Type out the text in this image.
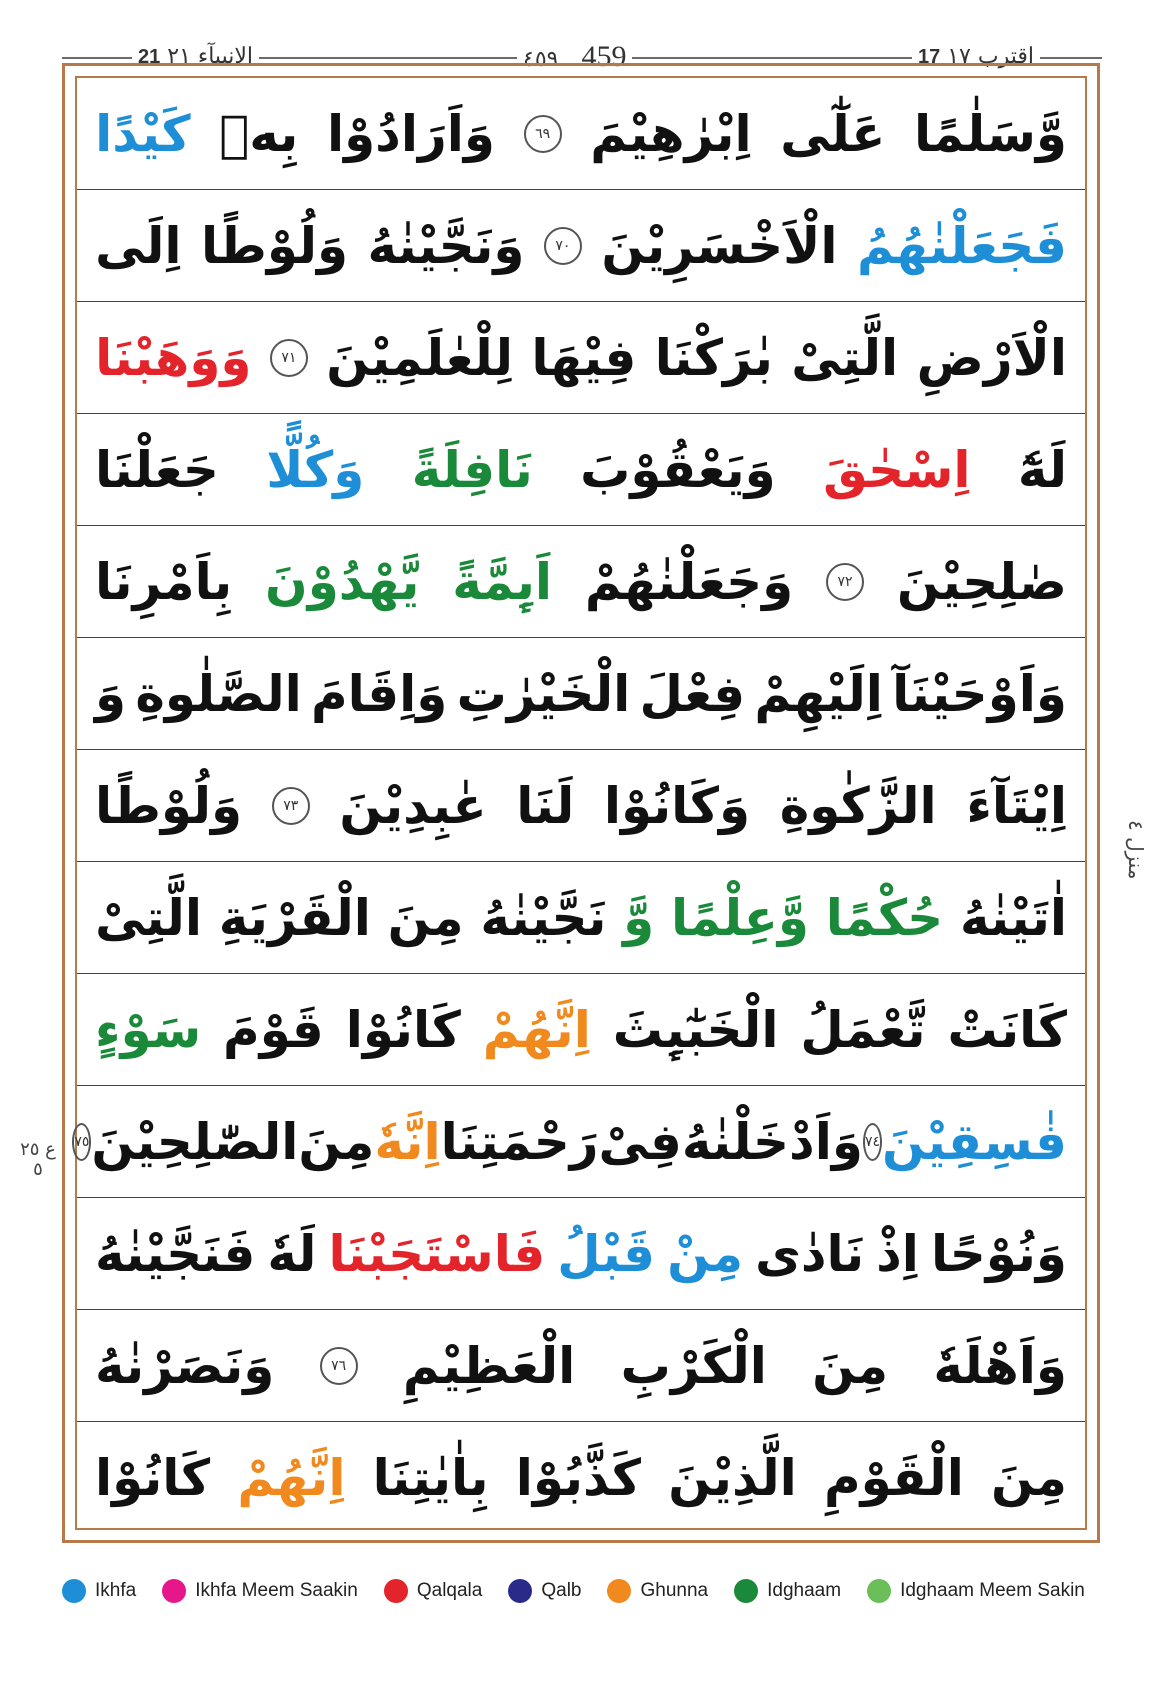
21 الانبيآء ٢١	٤٥٩ 459	اقترب ١٧ 17
وَّسَلٰمًا
عَلٰٓی
اِبْرٰهِیْمَ
٦٩
وَاَرَادُوْا
بِهٖ
كَیْدًا
فَجَعَلْنٰهُمُ
الْاَخْسَرِیْنَ
٧٠
وَنَجَّیْنٰهُ
وَلُوْطًا
اِلَی
الْاَرْضِ
الَّتِیْ
بٰرَكْنَا
فِیْهَا
لِلْعٰلَمِیْنَ
٧١
وَوَهَبْنَا
لَهٗٓ
اِسْحٰقَ
وَیَعْقُوْبَ
نَافِلَةً
وَكُلًّا
جَعَلْنَا
صٰلِحِیْنَ
٧٢
وَجَعَلْنٰهُمْ
اَىِٕمَّةً
یَّهْدُوْنَ
بِاَمْرِنَا
وَاَوْحَیْنَآ
اِلَیْهِمْ
فِعْلَ
الْخَیْرٰتِ
وَاِقَامَ
الصَّلٰوةِ
وَ
اِیْتَآءَ
الزَّكٰوةِ
وَكَانُوْا
لَنَا
عٰبِدِیْنَ
٧٣
وَلُوْطًا
اٰتَیْنٰهُ
حُكْمًا
وَّعِلْمًا
وَّ
نَجَّیْنٰهُ
مِنَ
الْقَرْیَةِ
الَّتِیْ
كَانَتْ
تَّعْمَلُ
الْخَبٰٓىِٕثَ
اِنَّهُمْ
كَانُوْا
قَوْمَ
سَوْءٍ
فٰسِقِیْنَ
٧٤
وَاَدْخَلْنٰهُ
فِیْ
رَحْمَتِنَا
اِنَّهٗ
مِنَ
الصّٰلِحِیْنَ
٧٥
وَنُوْحًا
اِذْ
نَادٰی
مِنْ
قَبْلُ
فَاسْتَجَبْنَا
لَهٗ
فَنَجَّیْنٰهُ
وَاَهْلَهٗ
مِنَ
الْكَرْبِ
الْعَظِیْمِ
٧٦
وَنَصَرْنٰهُ
مِنَ
الْقَوْمِ
الَّذِیْنَ
كَذَّبُوْا
بِاٰیٰتِنَا
اِنَّهُمْ
كَانُوْا
منزل ٤
ع ٢٥ ٥
Ikhfa	Ikhfa Meem Saakin	Qalqala	Qalb	Ghunna	Idghaam	Idghaam Meem Sakin
